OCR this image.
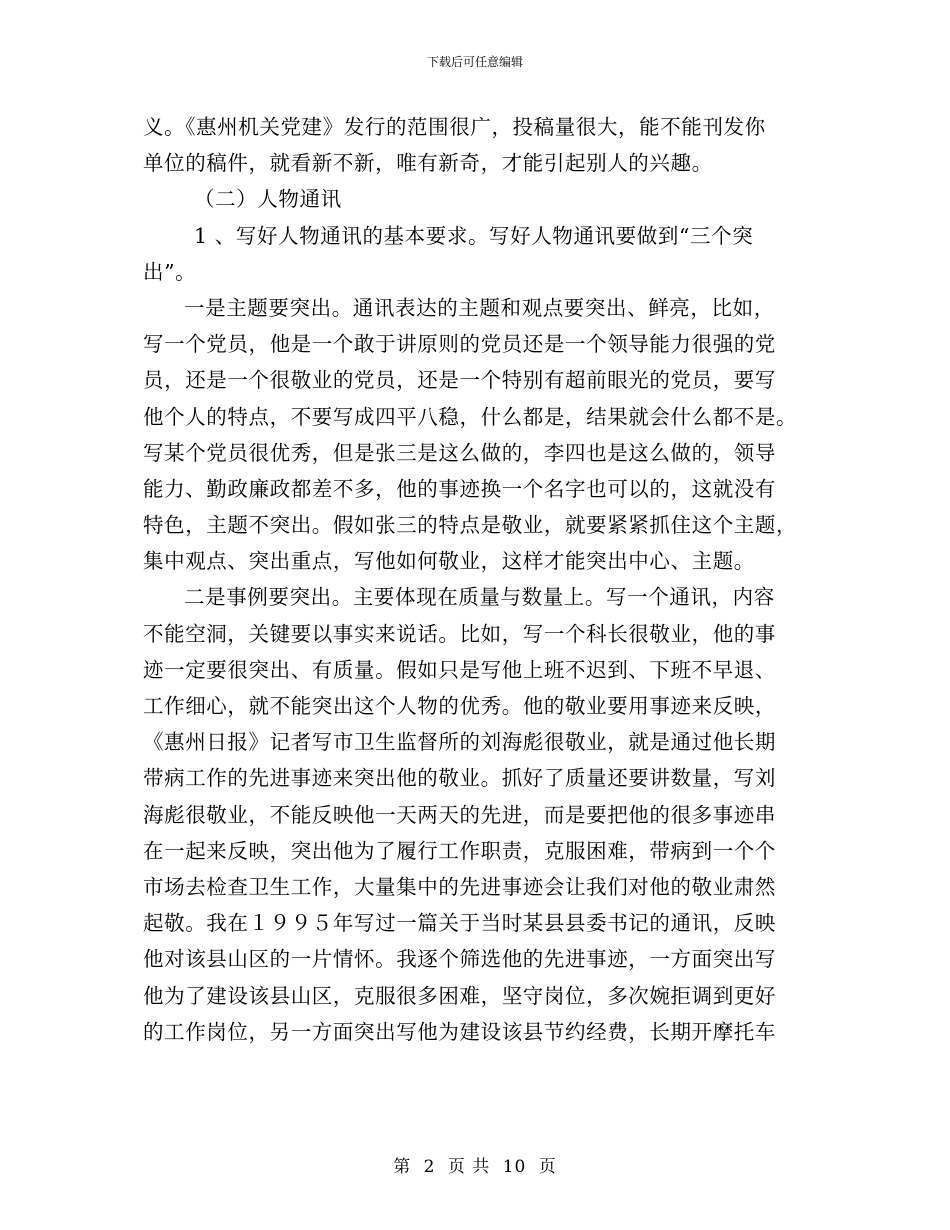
下载后可任意编辑
义。《惠州机关党建》发行的范围很广，投稿量很大，能不能刊发你
单位的稿件，就看新不新，唯有新奇，才能引起别人的兴趣。
（二）人物通讯
1 、写好人物通讯的基本要求。写好人物通讯要做到“三个突
出”。
一是主题要突出。通讯表达的主题和观点要突出、鲜亮，比如，
写一个党员，他是一个敢于讲原则的党员还是一个领导能力很强的党
员，还是一个很敬业的党员，还是一个特别有超前眼光的党员，要写
他个人的特点，不要写成四平八稳，什么都是，结果就会什么都不是。
写某个党员很优秀，但是张三是这么做的，李四也是这么做的，领导
能力、勤政廉政都差不多，他的事迹换一个名字也可以的，这就没有
特色，主题不突出。假如张三的特点是敬业，就要紧紧抓住这个主题，
集中观点、突出重点，写他如何敬业，这样才能突出中心、主题。
二是事例要突出。主要体现在质量与数量上。写一个通讯，内容
不能空洞，关键要以事实来说话。比如，写一个科长很敬业，他的事
迹一定要很突出、有质量。假如只是写他上班不迟到、下班不早退、
工作细心，就不能突出这个人物的优秀。他的敬业要用事迹来反映，
《惠州日报》记者写市卫生监督所的刘海彪很敬业，就是通过他长期
带病工作的先进事迹来突出他的敬业。抓好了质量还要讲数量，写刘
海彪很敬业，不能反映他一天两天的先进，而是要把他的很多事迹串
在一起来反映，突出他为了履行工作职责，克服困难，带病到一个个
市场去检查卫生工作，大量集中的先进事迹会让我们对他的敬业肃然
起敬。我在１９９５年写过一篇关于当时某县县委书记的通讯，反映
他对该县山区的一片情怀。我逐个筛选他的先进事迹，一方面突出写
他为了建设该县山区，克服很多困难，坚守岗位，多次婉拒调到更好
的工作岗位，另一方面突出写他为建设该县节约经费，长期开摩托车
第 2 页 共 10 页
